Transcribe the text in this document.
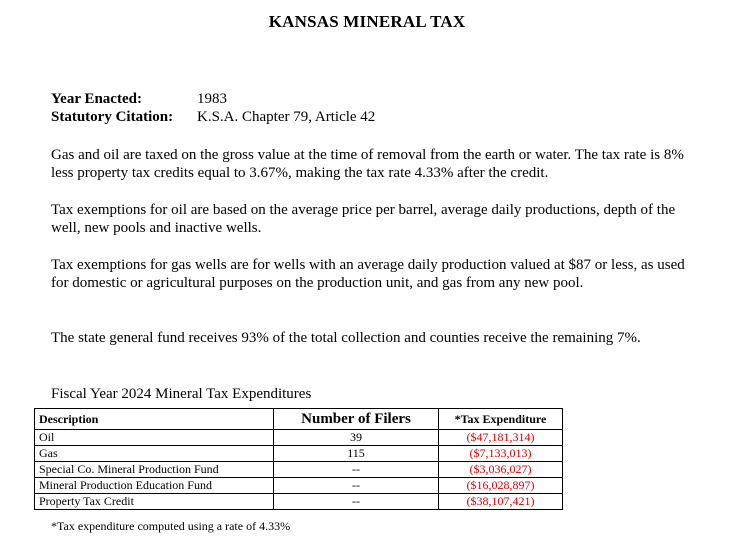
KANSAS MINERAL TAX
Year Enacted:	1983
Statutory Citation: K.S.A. Chapter 79, Article 42

Gas and oil are taxed on the gross value at the time of removal from the earth or water. The tax rate is 8% less property tax credits equal to 3.67%, making the tax rate 4.33% after the credit.

Tax exemptions for oil are based on the average price per barrel, average daily productions, depth of the well, new pools and inactive wells.

Tax exemptions for gas wells are for wells with an average daily production valued at $87 or less, as used for domestic or agricultural purposes on the production unit, and gas from any new pool.

The state general fund receives 93% of the total collection and counties receive the remaining 7%.

Fiscal Year 2024 Mineral Tax Expenditures
Description	Number of Filers	*Tax Expenditure
Oil	39	($47,181,314)
Gas	115	($7,133,013)
Special Co. Mineral Production Fund	--	($3,036,027)
Mineral Production Education Fund	--	($16,028,897)
Property Tax Credit	--	($38,107,421)
*Tax expenditure computed using a rate of 4.33%
